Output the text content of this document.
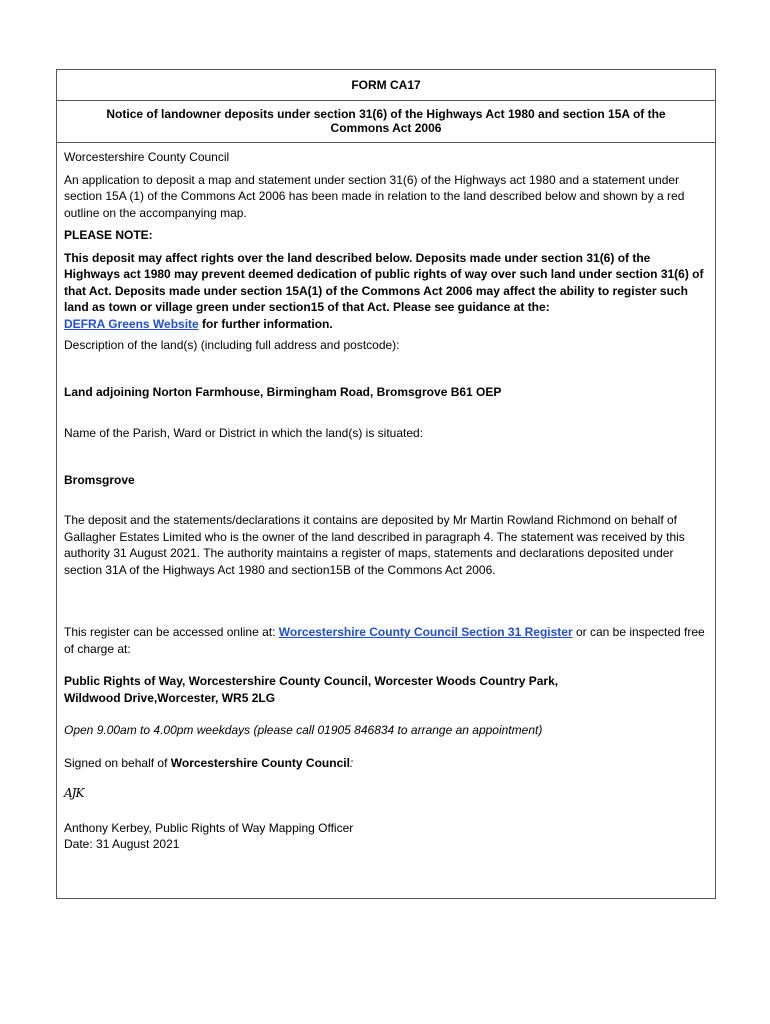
FORM CA17
Notice of landowner deposits under section 31(6) of the Highways Act 1980 and section 15A of the Commons Act 2006

Worcestershire County Council

An application to deposit a map and statement under section 31(6) of the Highways act 1980 and a statement under section 15A (1) of the Commons Act 2006 has been made in relation to the land described below and shown by a red outline on the accompanying map.

PLEASE NOTE:

This deposit may affect rights over the land described below. Deposits made under section 31(6) of the Highways act 1980 may prevent deemed dedication of public rights of way over such land under section 31(6) of that Act. Deposits made under section 15A(1) of the Commons Act 2006 may affect the ability to register such land as town or village green under section15 of that Act. Please see guidance at the:
DEFRA Greens Website for further information.

Description of the land(s) (including full address and postcode):

Land adjoining Norton Farmhouse, Birmingham Road, Bromsgrove B61 OEP

Name of the Parish, Ward or District in which the land(s) is situated:

Bromsgrove

The deposit and the statements/declarations it contains are deposited by Mr Martin Rowland Richmond on behalf of Gallagher Estates Limited who is the owner of the land described in paragraph 4. The statement was received by this authority 31 August 2021. The authority maintains a register of maps, statements and declarations deposited under section 31A of the Highways Act 1980 and section15B of the Commons Act 2006.

This register can be accessed online at: Worcestershire County Council Section 31 Register or can be inspected free of charge at:

Public Rights of Way, Worcestershire County Council, Worcester Woods Country Park,
Wildwood Drive,Worcester, WR5 2LG

Open 9.00am to 4.00pm weekdays (please call 01905 846834 to arrange an appointment)

Signed on behalf of Worcestershire County Council:

AJK

Anthony Kerbey, Public Rights of Way Mapping Officer

Date: 31 August 2021
